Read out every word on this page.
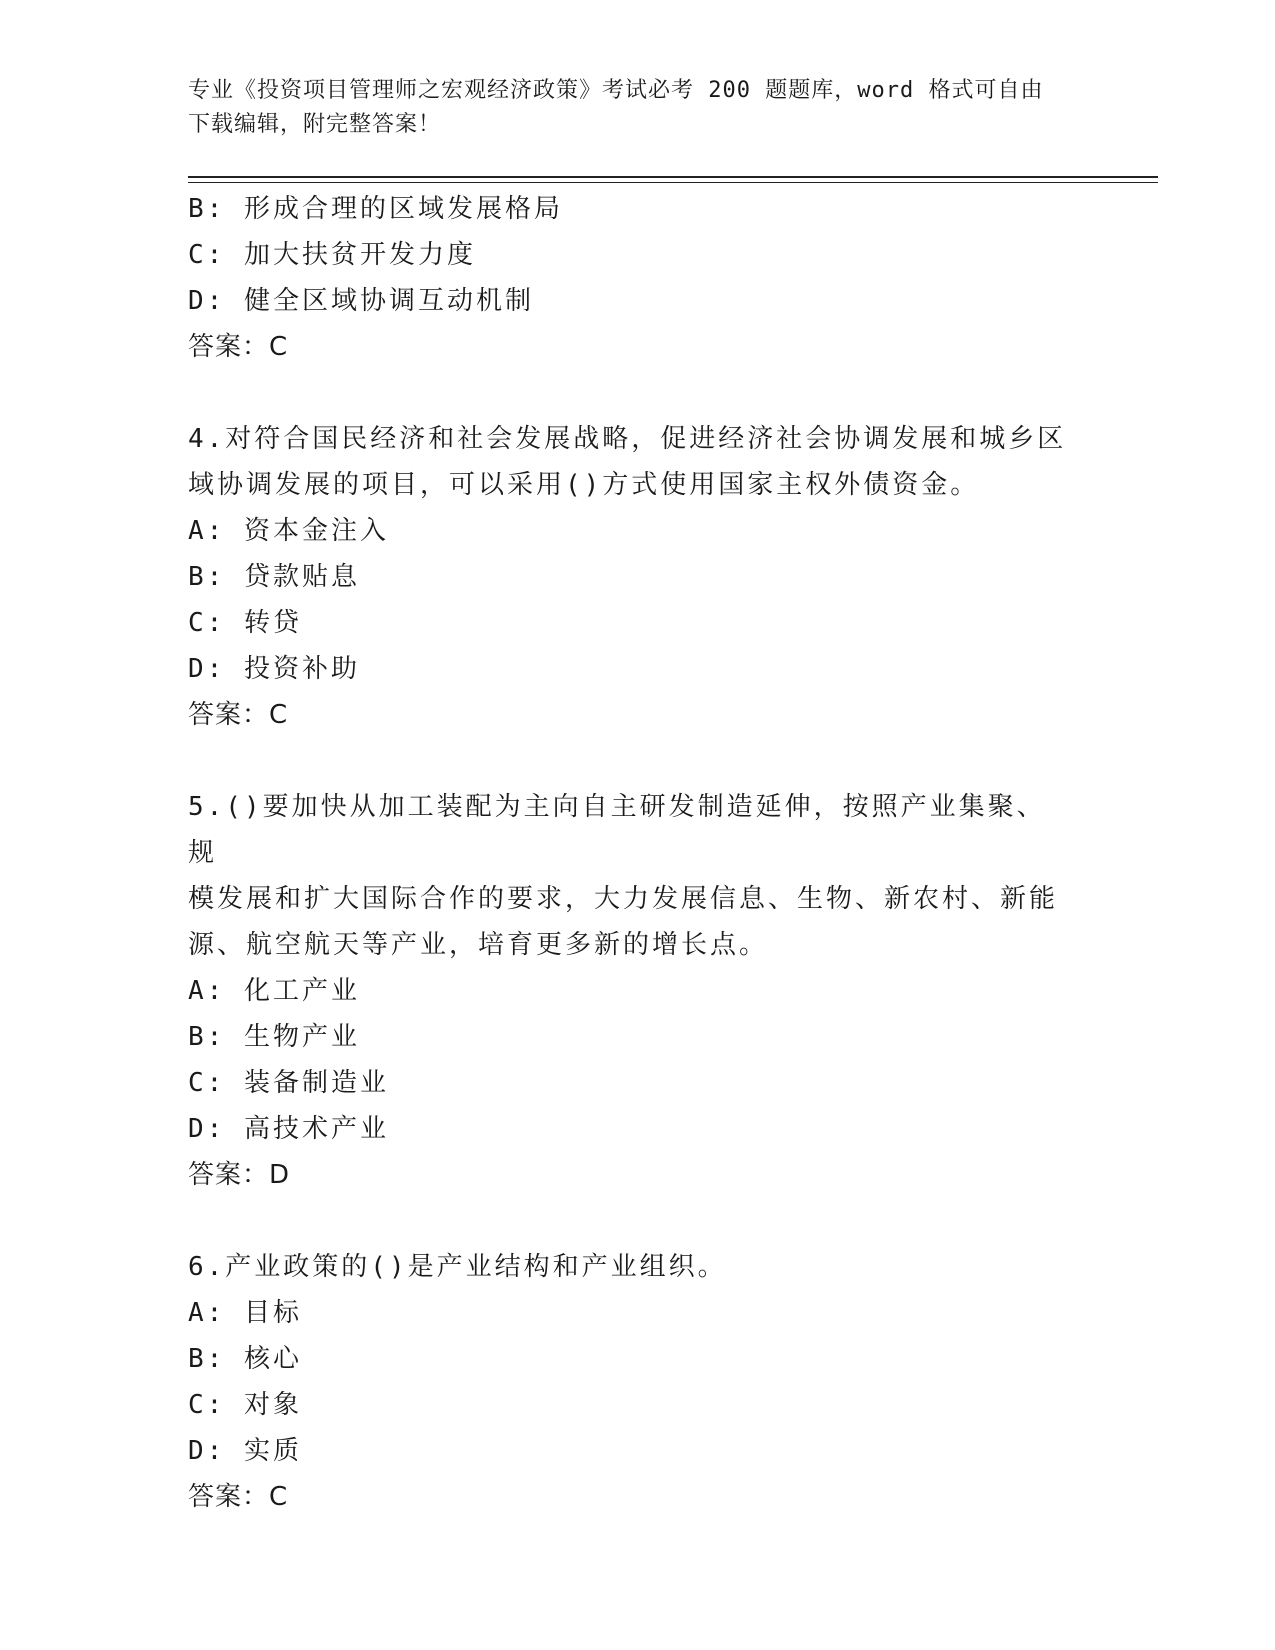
专业《投资项目管理师之宏观经济政策》考试必考 200 题题库，word 格式可自由
下载编辑，附完整答案！
B: 形成合理的区域发展格局
C: 加大扶贫开发力度
D: 健全区域协调互动机制
答案：C
4.对符合国民经济和社会发展战略，促进经济社会协调发展和城乡区
域协调发展的项目，可以采用()方式使用国家主权外债资金。
A: 资本金注入
B: 贷款贴息
C: 转贷
D: 投资补助
答案：C
5.()要加快从加工装配为主向自主研发制造延伸，按照产业集聚、规
模发展和扩大国际合作的要求，大力发展信息、生物、新农村、新能
源、航空航天等产业，培育更多新的增长点。
A: 化工产业
B: 生物产业
C: 装备制造业
D: 高技术产业
答案：D
6.产业政策的()是产业结构和产业组织。
A: 目标
B: 核心
C: 对象
D: 实质
答案：C
